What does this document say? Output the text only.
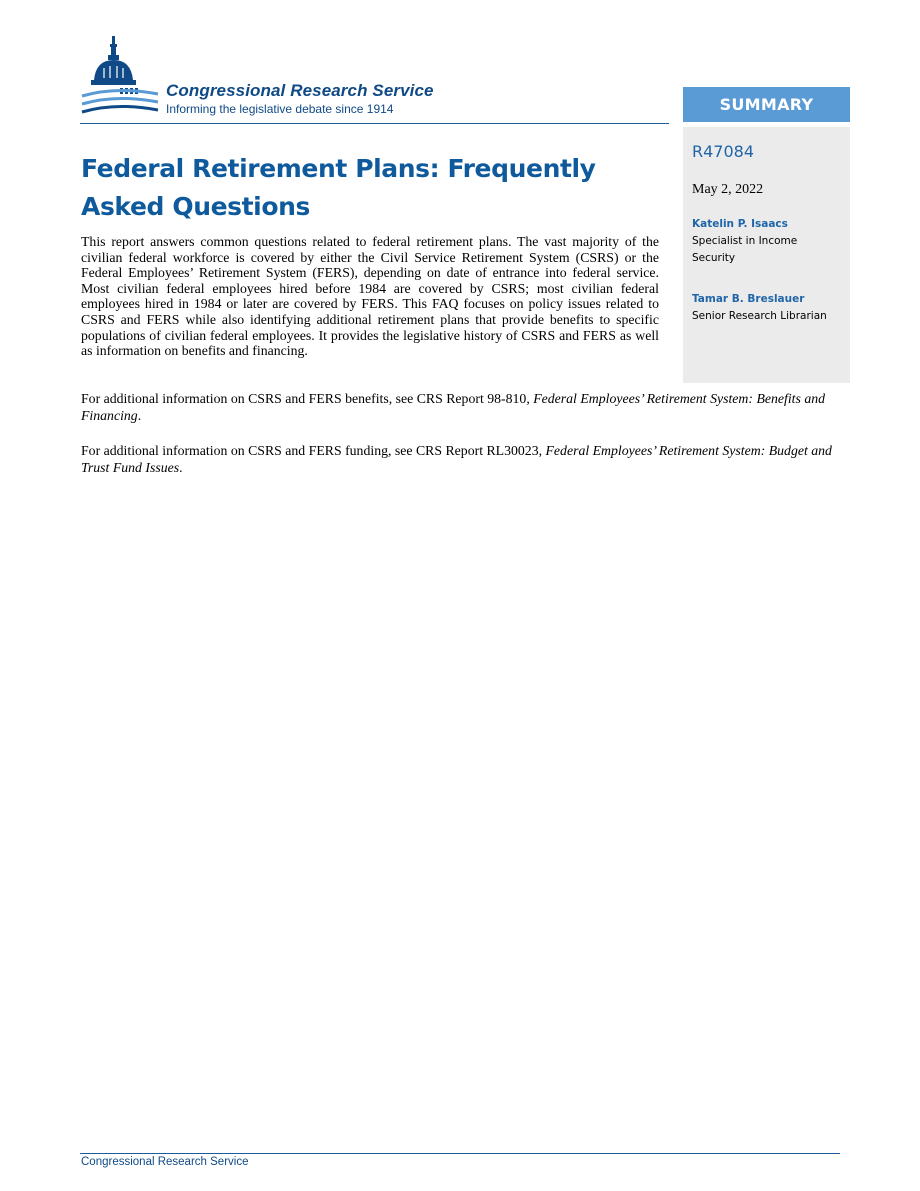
Congressional Research Service
Informing the legislative debate since 1914	SUMMARY
R47084
May 2, 2022
Katelin P. Isaacs
Specialist in Income Security
Tamar B. Breslauer
Senior Research Librarian
Federal Retirement Plans: Frequently Asked Questions

This report answers common questions related to federal retirement plans. The vast majority of the civilian federal workforce is covered by either the Civil Service Retirement System (CSRS) or the Federal Employees’ Retirement System (FERS), depending on date of entrance into federal service. Most civilian federal employees hired before 1984 are covered by CSRS; most civilian federal employees hired in 1984 or later are covered by FERS. This FAQ focuses on policy issues related to CSRS and FERS while also identifying additional retirement plans that provide benefits to specific populations of civilian federal employees. It provides the legislative history of CSRS and FERS as well as information on benefits and financing.

For additional information on CSRS and FERS benefits, see CRS Report 98-810, Federal Employees’ Retirement System: Benefits and Financing.

For additional information on CSRS and FERS funding, see CRS Report RL30023, Federal Employees’ Retirement System: Budget and Trust Fund Issues.

Congressional Research Service
